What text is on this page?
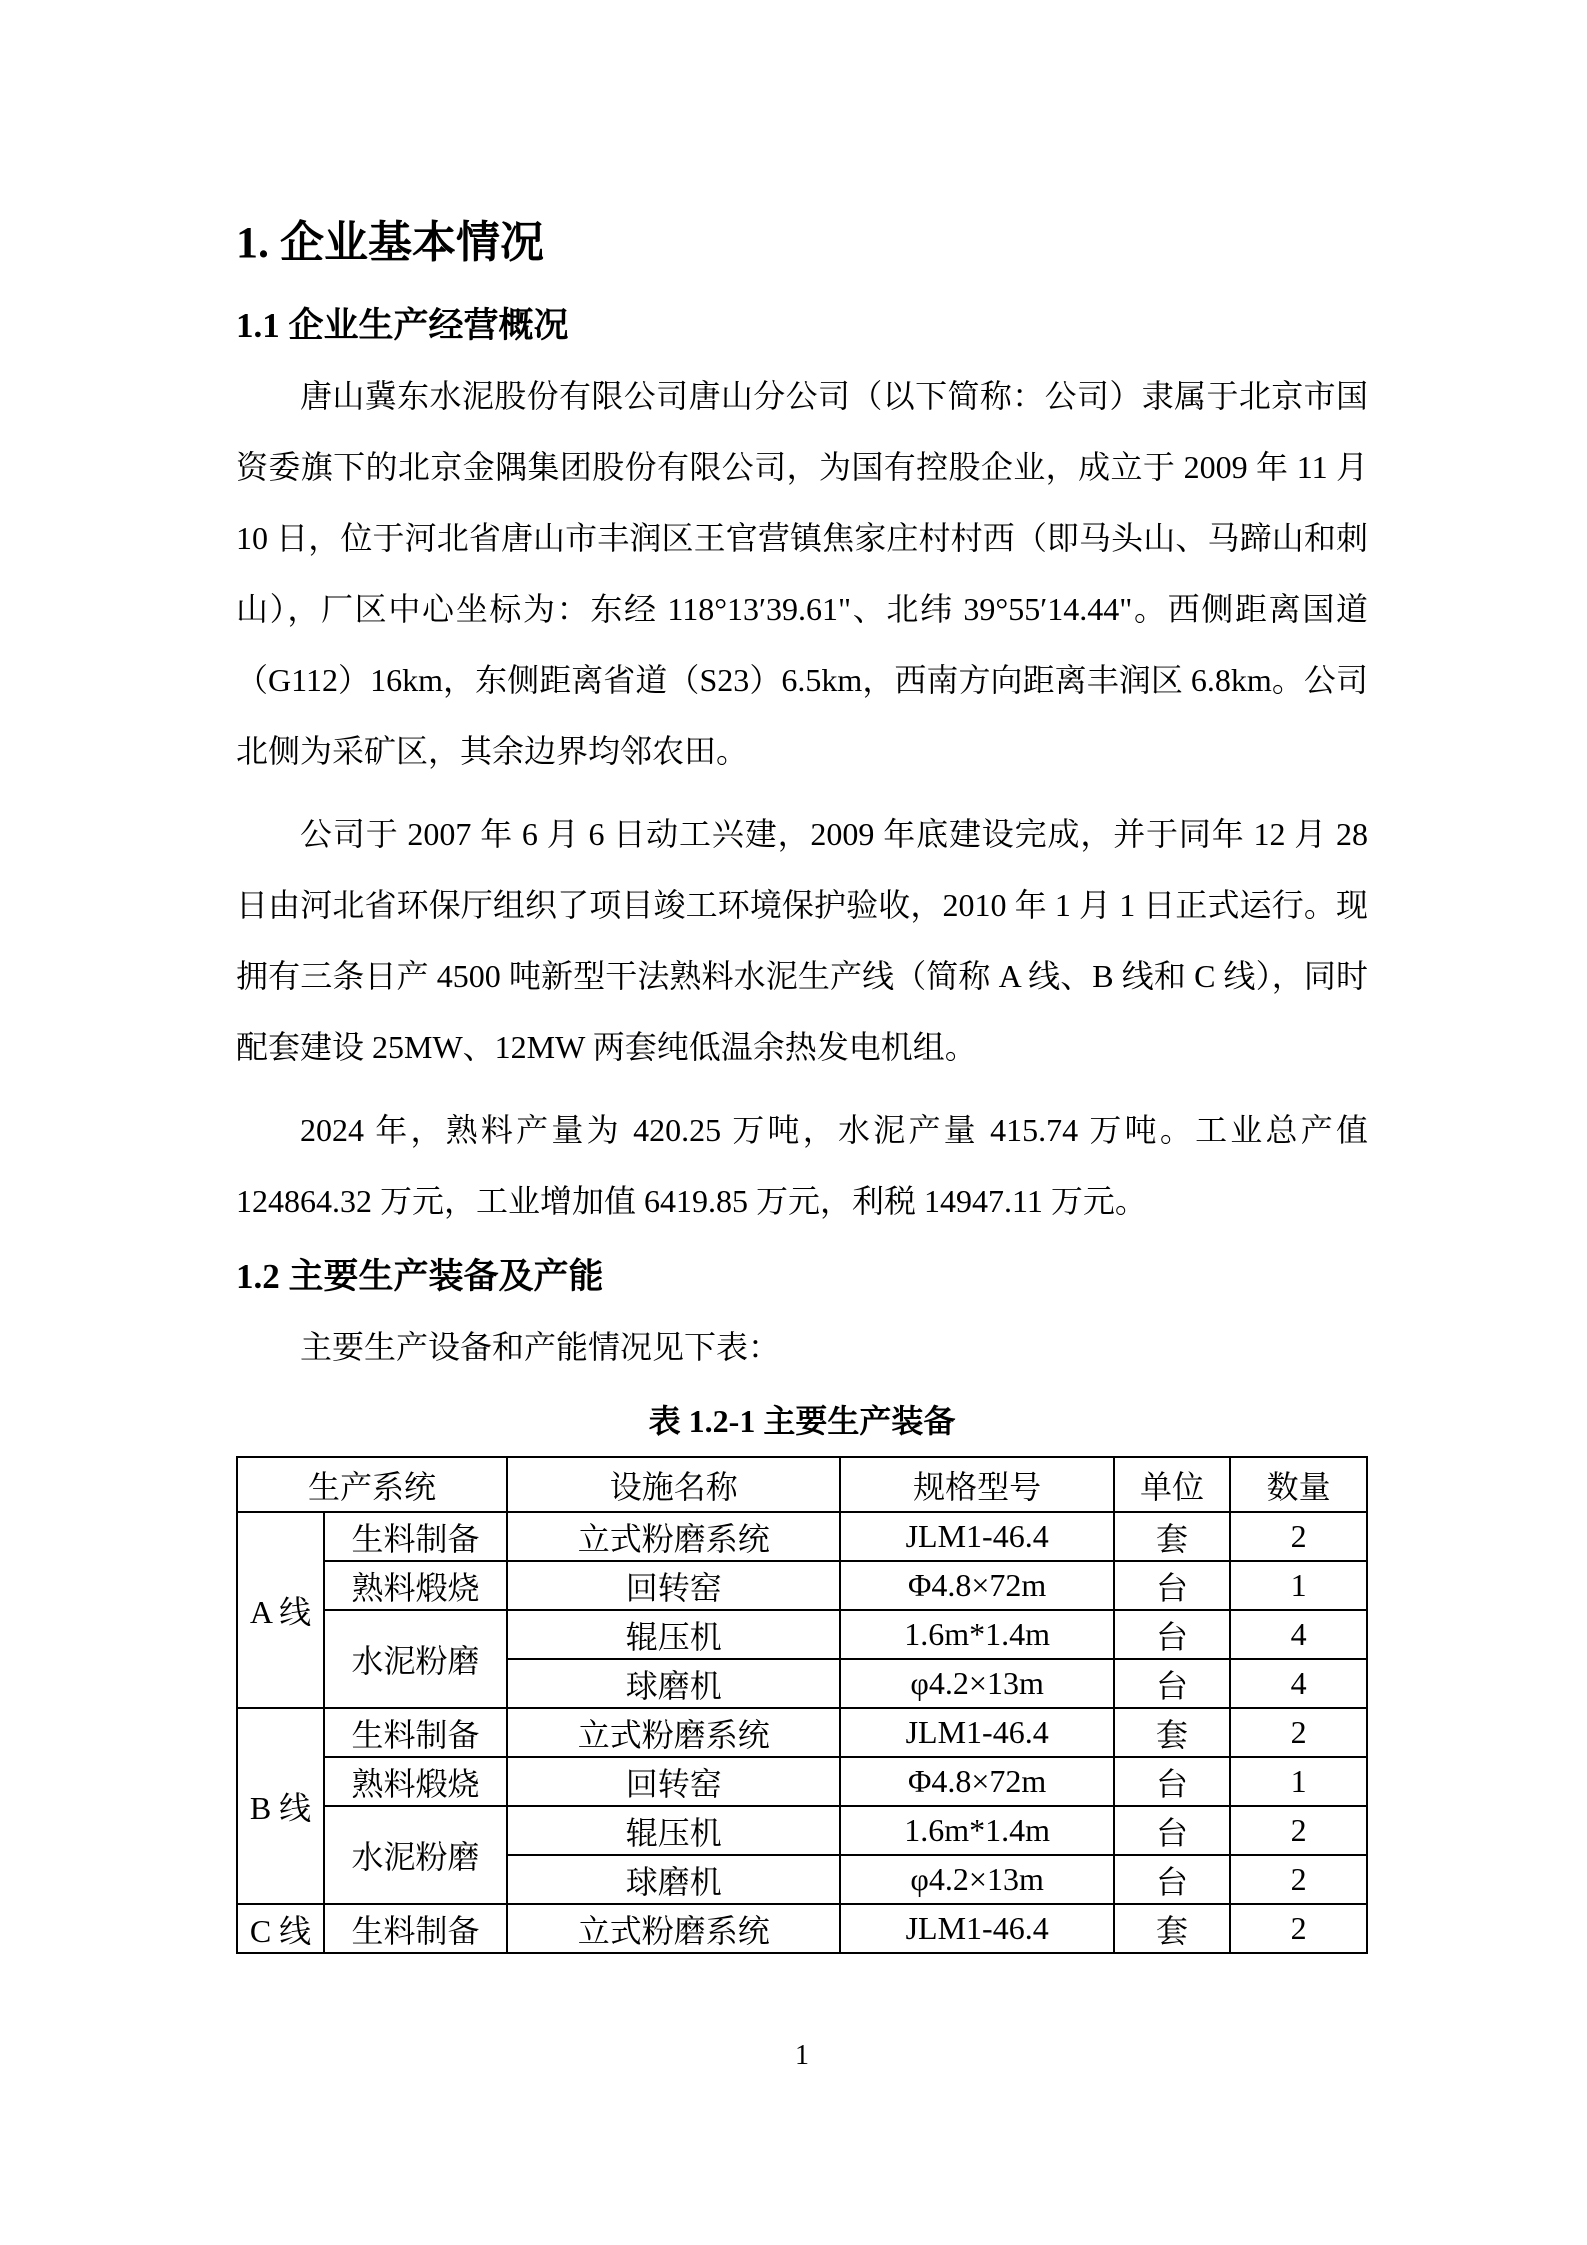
1. 企业基本情况
1.1 企业生产经营概况

唐山冀东水泥股份有限公司唐山分公司（以下简称：公司）隶属于北京市国资委旗下的北京金隅集团股份有限公司，为国有控股企业，成立于 2009 年 11 月 10 日，位于河北省唐山市丰润区王官营镇焦家庄村村西（即马头山、马蹄山和刺山），厂区中心坐标为：东经 118°13′39.61"、北纬 39°55′14.44"。西侧距离国道（G112）16km，东侧距离省道（S23）6.5km，西南方向距离丰润区 6.8km。公司北侧为采矿区，其余边界均邻农田。

公司于 2007 年 6 月 6 日动工兴建，2009 年底建设完成，并于同年 12 月 28 日由河北省环保厅组织了项目竣工环境保护验收，2010 年 1 月 1 日正式运行。现拥有三条日产 4500 吨新型干法熟料水泥生产线（简称 A 线、B 线和 C 线），同时配套建设 25MW、12MW 两套纯低温余热发电机组。

2024 年，熟料产量为 420.25 万吨，水泥产量 415.74 万吨。工业总产值 124864.32 万元，工业增加值 6419.85 万元，利税 14947.11 万元。

1.2 主要生产装备及产能

主要生产设备和产能情况见下表：

表 1.2-1 主要生产装备
生产系统		设施名称	规格型号	单位	数量
A 线	生料制备	立式粉磨系统	JLM1-46.4	套	2
	熟料煅烧	回转窑	Φ4.8×72m	台	1
	水泥粉磨	辊压机	1.6m*1.4m	台	4
		球磨机	φ4.2×13m	台	4
B 线	生料制备	立式粉磨系统	JLM1-46.4	套	2
	熟料煅烧	回转窑	Φ4.8×72m	台	1
	水泥粉磨	辊压机	1.6m*1.4m	台	2
		球磨机	φ4.2×13m	台	2
C 线	生料制备	立式粉磨系统	JLM1-46.4	套	2
1
